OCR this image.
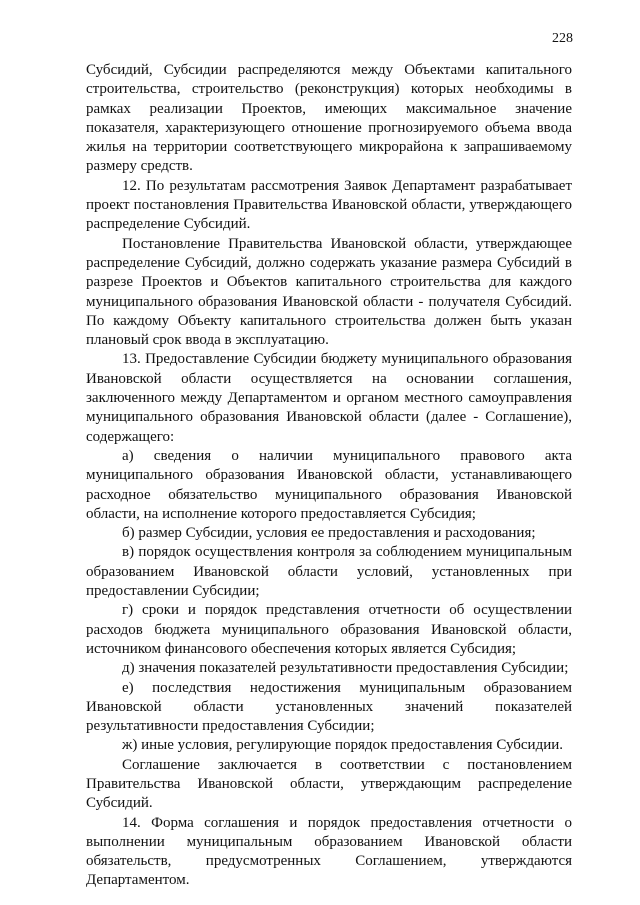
228

Субсидий, Субсидии распределяются между Объектами капитального строительства, строительство (реконструкция) которых необходимы в рамках реализации Проектов, имеющих максимальное значение показателя, характеризующего отношение прогнозируемого объема ввода жилья на территории соответствующего микрорайона к запрашиваемому размеру средств.

12. По результатам рассмотрения Заявок Департамент разрабатывает проект постановления Правительства Ивановской области, утверждающего распределение Субсидий.

Постановление Правительства Ивановской области, утверждающее распределение Субсидий, должно содержать указание размера Субсидий в разрезе Проектов и Объектов капитального строительства для каждого муниципального образования Ивановской области - получателя Субсидий. По каждому Объекту капитального строительства должен быть указан плановый срок ввода в эксплуатацию.

13. Предоставление Субсидии бюджету муниципального образования Ивановской области осуществляется на основании соглашения, заключенного между Департаментом и органом местного самоуправления муниципального образования Ивановской области (далее - Соглашение), содержащего:

а) сведения о наличии муниципального правового акта муниципального образования Ивановской области, устанавливающего расходное обязательство муниципального образования Ивановской области, на исполнение которого предоставляется Субсидия;

б) размер Субсидии, условия ее предоставления и расходования;

в) порядок осуществления контроля за соблюдением муниципальным образованием Ивановской области условий, установленных при предоставлении Субсидии;

г) сроки и порядок представления отчетности об осуществлении расходов бюджета муниципального образования Ивановской области, источником финансового обеспечения которых является Субсидия;

д) значения показателей результативности предоставления Субсидии;

е) последствия недостижения муниципальным образованием Ивановской области установленных значений показателей результативности предоставления Субсидии;

ж) иные условия, регулирующие порядок предоставления Субсидии.

Соглашение заключается в соответствии с постановлением Правительства Ивановской области, утверждающим распределение Субсидий.

14. Форма соглашения и порядок предоставления отчетности о выполнении муниципальным образованием Ивановской области обязательств, предусмотренных Соглашением, утверждаются Департаментом.
